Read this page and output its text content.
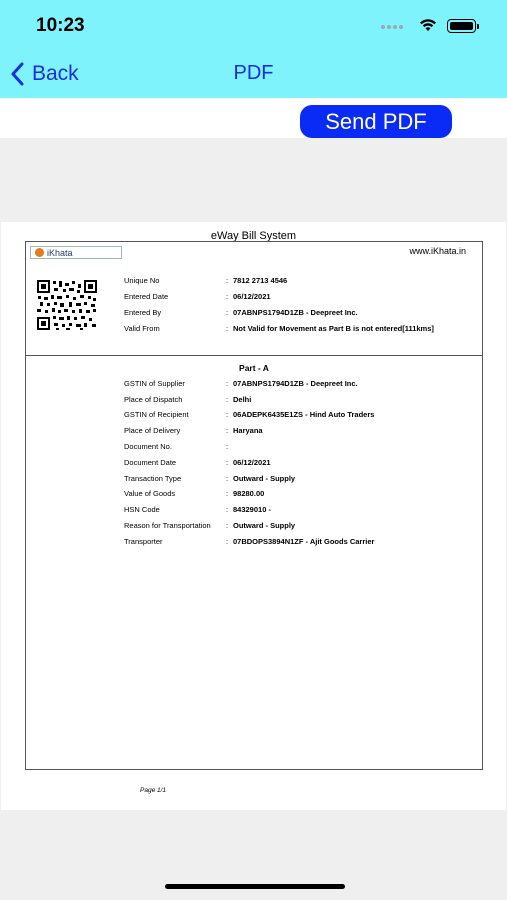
10:23
Back	PDF
Send PDF
eWay Bill System
iKhata	www.iKhata.in
Unique No	: 7812 2713 4546
Entered Date	: 06/12/2021
Entered By	: 07ABNPS1794D1ZB - Deepreet Inc.
Valid From	: Not Valid for Movement as Part B is not entered[111kms]
Part - A
GSTIN of Supplier	: 07ABNPS1794D1ZB - Deepreet Inc.
Place of Dispatch	: Delhi
GSTIN of Recipient	: 06ADEPK6435E1ZS - Hind Auto Traders
Place of Delivery	: Haryana
Document No.	:
Document Date	: 06/12/2021
Transaction Type	: Outward - Supply
Value of Goods	: 98280.00
HSN Code	: 84329010 -
Reason for Transportation : Outward - Supply
Transporter	: 07BDOPS3894N1ZF - Ajit Goods Carrier
Page 1/1
